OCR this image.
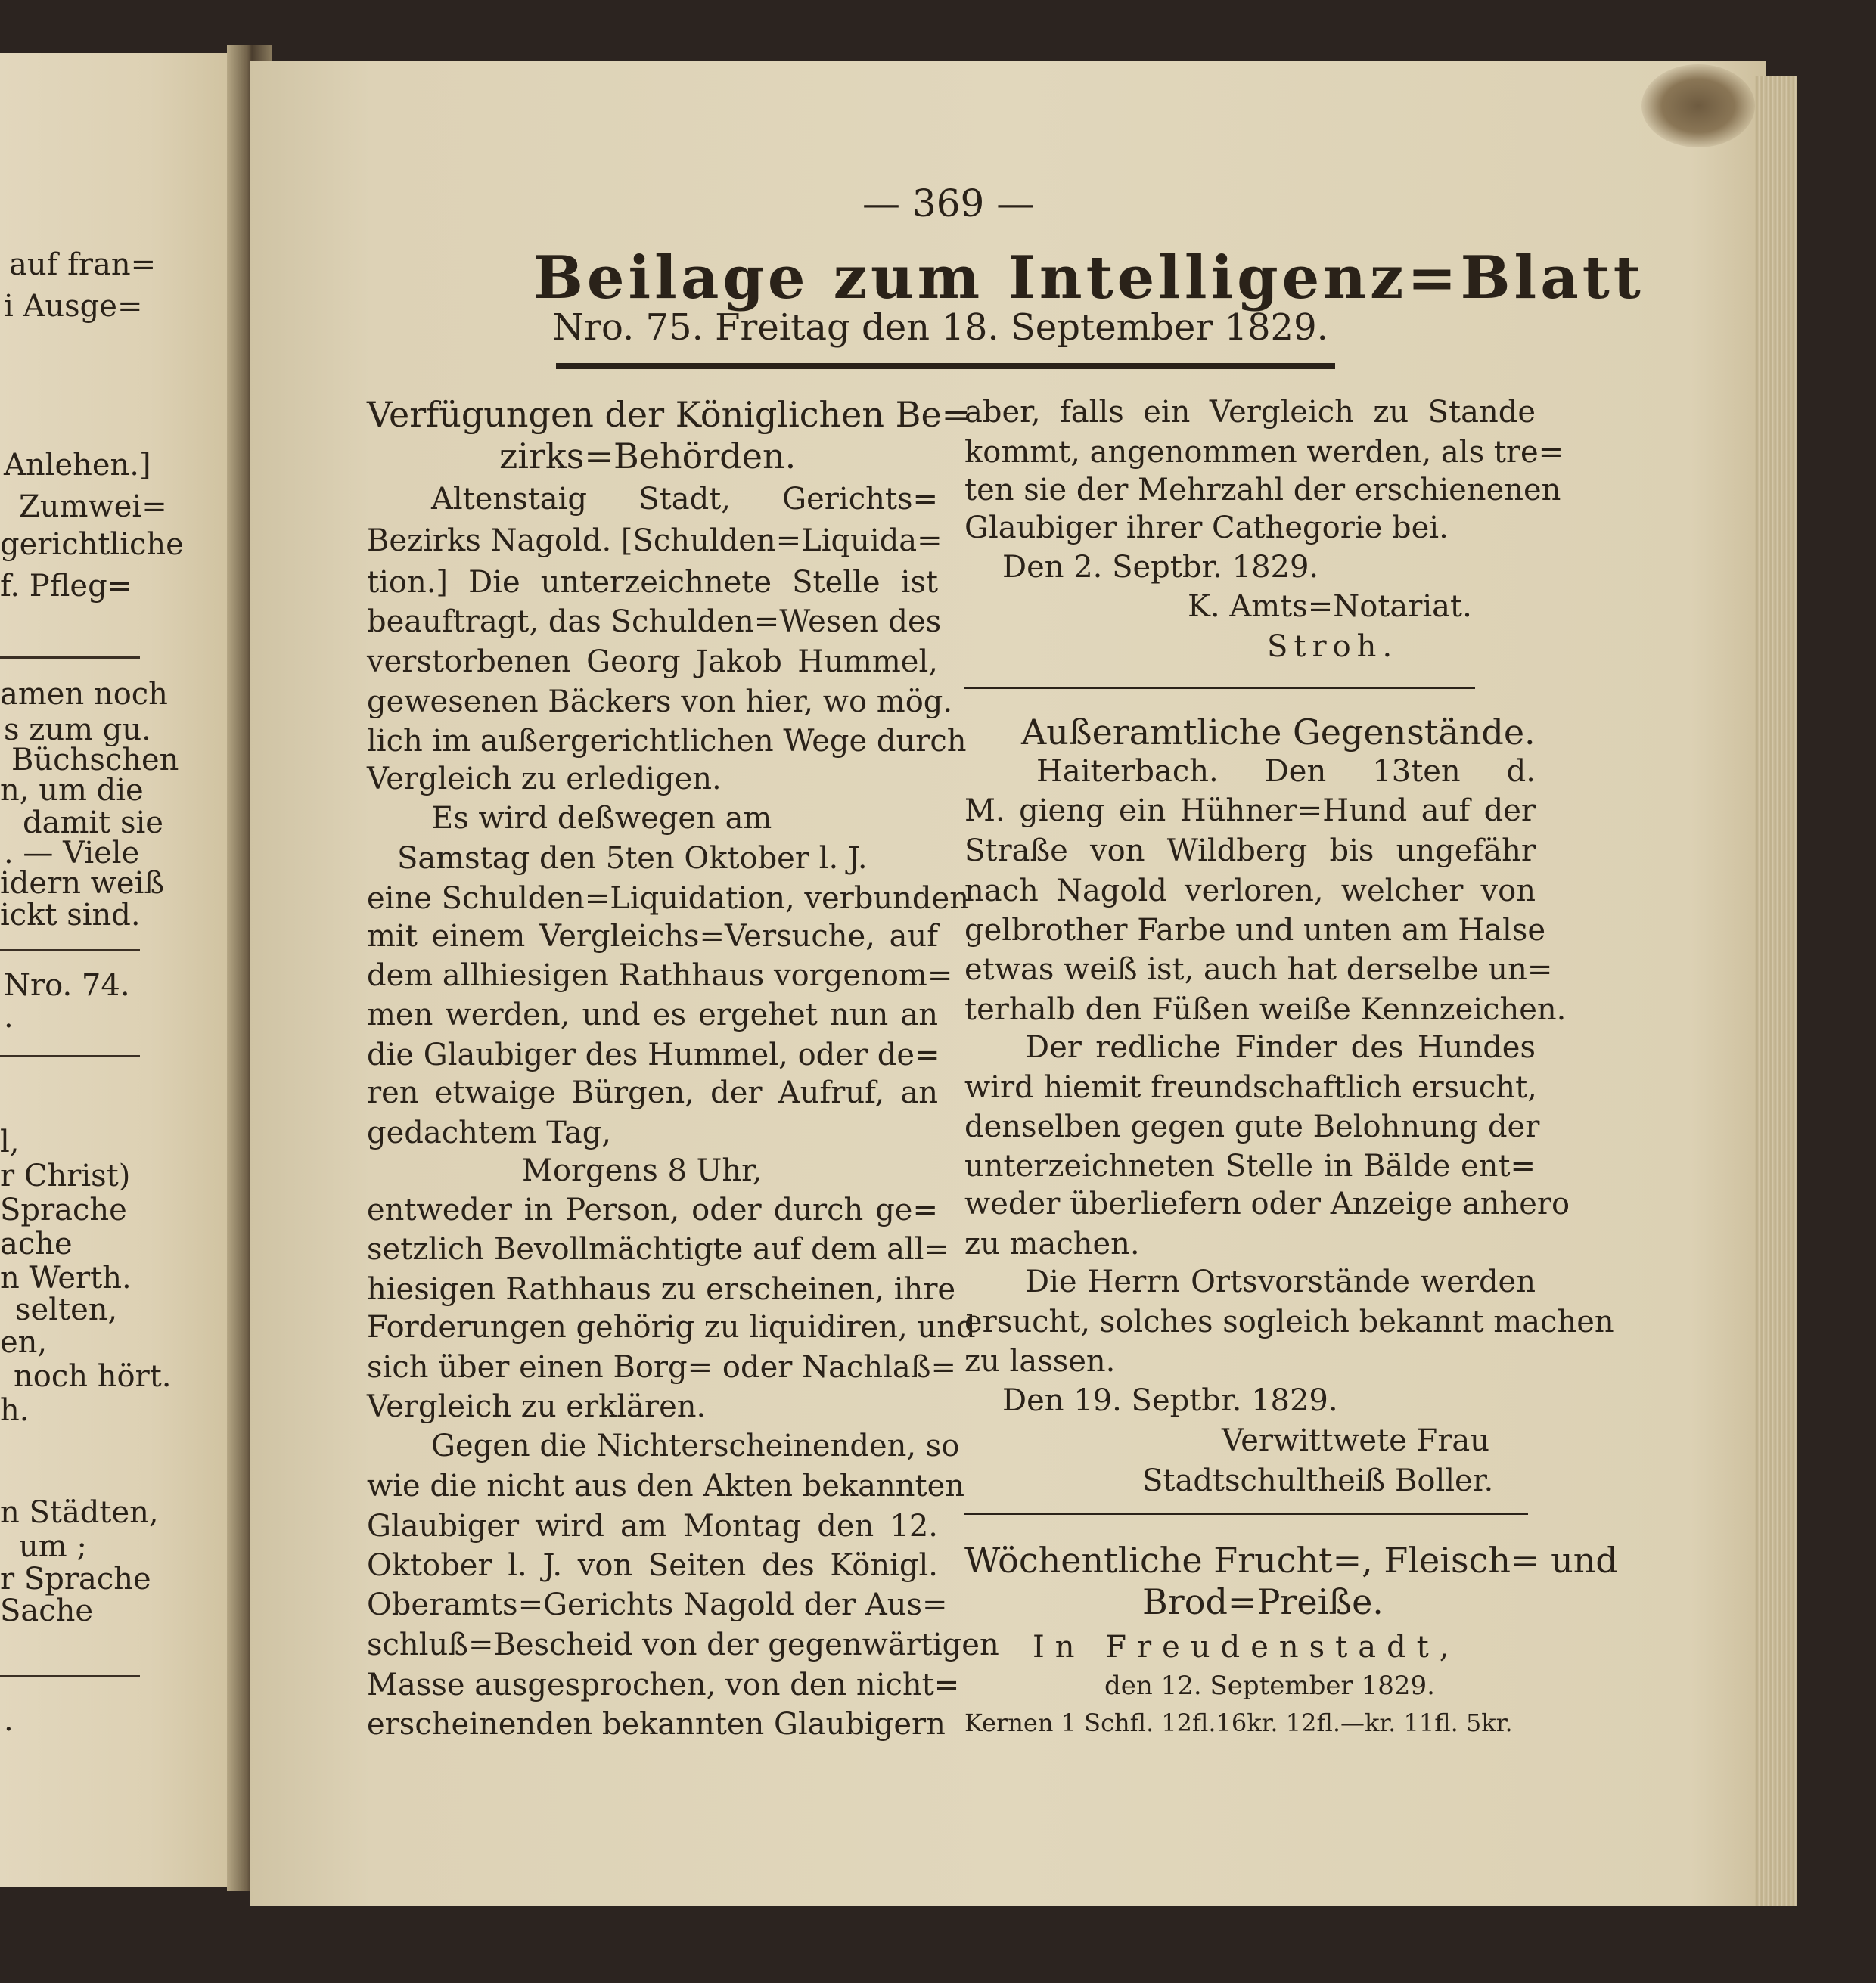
auf fran=
i Ausge=
Anlehen.]
Zumwei=
gerichtliche
f. Pfleg=
amen noch
s zum gu.
Büchschen
n, um die
damit sie
. — Viele
idern weiß
ickt sind.
Nro. 74.
.
l,
r Christ)
Sprache
ache
n Werth.
selten,
en,
noch hört.
h.
n Städten,
um ;
r Sprache
Sache
.
— 369 —
Beilage zum Intelligenz=Blatt
Nro. 75. Freitag den 18. September 1829.
Verfügungen der Königlichen Be=
zirks=Behörden.
Altenstaig Stadt, Gerichts=
Bezirks Nagold. [Schulden=Liquida=
tion.] Die unterzeichnete Stelle ist
beauftragt, das Schulden=Wesen des
verstorbenen Georg Jakob Hummel,
gewesenen Bäckers von hier, wo mög.
lich im außergerichtlichen Wege durch
Vergleich zu erledigen.
Es wird deßwegen am
Samstag den 5ten Oktober l. J.
eine Schulden=Liquidation, verbunden
mit einem Vergleichs=Versuche, auf
dem allhiesigen Rathhaus vorgenom=
men werden, und es ergehet nun an
die Glaubiger des Hummel, oder de=
ren etwaige Bürgen, der Aufruf, an
gedachtem Tag,
Morgens 8 Uhr,
entweder in Person, oder durch ge=
setzlich Bevollmächtigte auf dem all=
hiesigen Rathhaus zu erscheinen, ihre
Forderungen gehörig zu liquidiren, und
sich über einen Borg= oder Nachlaß=
Vergleich zu erklären.
Gegen die Nichterscheinenden, so
wie die nicht aus den Akten bekannten
Glaubiger wird am Montag den 12.
Oktober l. J. von Seiten des Königl.
Oberamts=Gerichts Nagold der Aus=
schluß=Bescheid von der gegenwärtigen
Masse ausgesprochen, von den nicht=
erscheinenden bekannten Glaubigern
aber, falls ein Vergleich zu Stande
kommt, angenommen werden, als tre=
ten sie der Mehrzahl der erschienenen
Glaubiger ihrer Cathegorie bei.
Den 2. Septbr. 1829.
K. Amts=Notariat.
Stroh.
Außeramtliche Gegenstände.
Haiterbach. Den 13ten d.
M. gieng ein Hühner=Hund auf der
Straße von Wildberg bis ungefähr
nach Nagold verloren, welcher von
gelbrother Farbe und unten am Halse
etwas weiß ist, auch hat derselbe un=
terhalb den Füßen weiße Kennzeichen.
Der redliche Finder des Hundes
wird hiemit freundschaftlich ersucht,
denselben gegen gute Belohnung der
unterzeichneten Stelle in Bälde ent=
weder überliefern oder Anzeige anhero
zu machen.
Die Herrn Ortsvorstände werden
ersucht, solches sogleich bekannt machen
zu lassen.
Den 19. Septbr. 1829.
Verwittwete Frau
Stadtschultheiß Boller.
Wöchentliche Frucht=, Fleisch= und
Brod=Preiße.
In Freudenstadt,
den 12. September 1829.
Kernen 1 Schfl. 12fl.16kr. 12fl.—kr. 11fl. 5kr.
